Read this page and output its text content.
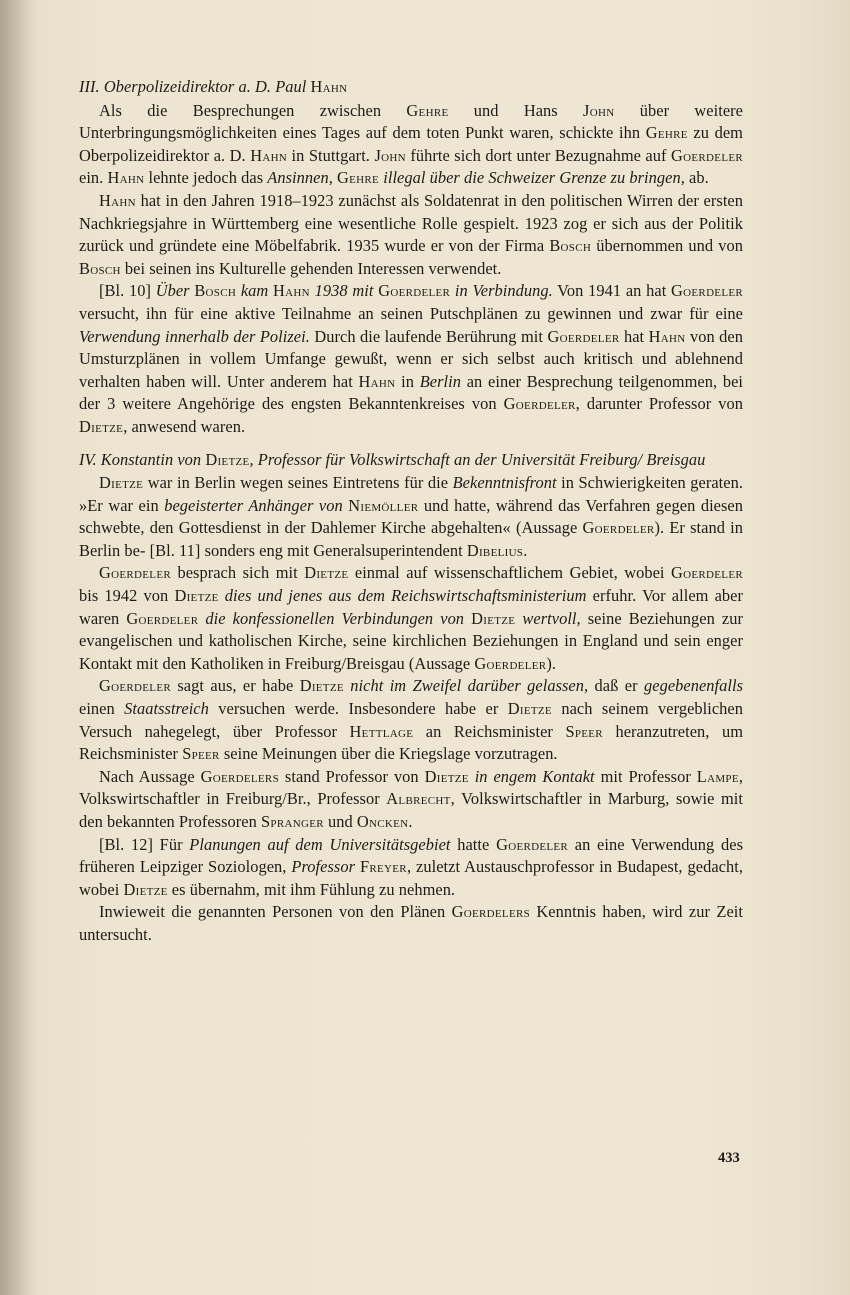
III. Oberpolizeidirektor a. D. Paul Hahn

Als die Besprechungen zwischen Gehre und Hans John über weitere Unterbringungsmöglichkeiten eines Tages auf dem toten Punkt waren, schickte ihn Gehre zu dem Oberpolizeidirektor a. D. Hahn in Stuttgart. John führte sich dort unter Bezugnahme auf Goerdeler ein. Hahn lehnte jedoch das Ansinnen, Gehre illegal über die Schweizer Grenze zu bringen, ab.

Hahn hat in den Jahren 1918–1923 zunächst als Soldatenrat in den politischen Wirren der ersten Nachkriegsjahre in Württemberg eine wesentliche Rolle gespielt. 1923 zog er sich aus der Politik zurück und gründete eine Möbelfabrik. 1935 wurde er von der Firma Bosch übernommen und von Bosch bei seinen ins Kulturelle gehenden Interessen verwendet.

[Bl. 10] Über Bosch kam Hahn 1938 mit Goerdeler in Verbindung. Von 1941 an hat Goerdeler versucht, ihn für eine aktive Teilnahme an seinen Putschplänen zu gewinnen und zwar für eine Verwendung innerhalb der Polizei. Durch die laufende Berührung mit Goerdeler hat Hahn von den Umsturzplänen in vollem Umfange gewußt, wenn er sich selbst auch kritisch und ablehnend verhalten haben will. Unter anderem hat Hahn in Berlin an einer Besprechung teilgenommen, bei der 3 weitere Angehörige des engsten Bekanntenkreises von Goerdeler, darunter Professor von Dietze, anwesend waren.

IV. Konstantin von Dietze, Professor für Volkswirtschaft an der Universität Freiburg/ Breisgau

Dietze war in Berlin wegen seines Eintretens für die Bekenntnisfront in Schwierigkeiten geraten. »Er war ein begeisterter Anhänger von Niemöller und hatte, während das Verfahren gegen diesen schwebte, den Gottesdienst in der Dahlemer Kirche abgehalten« (Aussage Goerdeler). Er stand in Berlin be- [Bl. 11] sonders eng mit Generalsuperintendent Dibelius.

Goerdeler besprach sich mit Dietze einmal auf wissenschaftlichem Gebiet, wobei Goerdeler bis 1942 von Dietze dies und jenes aus dem Reichswirtschaftsministerium erfuhr. Vor allem aber waren Goerdeler die konfessionellen Verbindungen von Dietze wertvoll, seine Beziehungen zur evangelischen und katholischen Kirche, seine kirchlichen Beziehungen in England und sein enger Kontakt mit den Katholiken in Freiburg/Breisgau (Aussage Goerdeler).

Goerdeler sagt aus, er habe Dietze nicht im Zweifel darüber gelassen, daß er gegebenenfalls einen Staatsstreich versuchen werde. Insbesondere habe er Dietze nach seinem vergeblichen Versuch nahegelegt, über Professor Hettlage an Reichsminister Speer heranzutreten, um Reichsminister Speer seine Meinungen über die Kriegslage vorzutragen.

Nach Aussage Goerdelers stand Professor von Dietze in engem Kontakt mit Professor Lampe, Volkswirtschaftler in Freiburg/Br., Professor Albrecht, Volkswirtschaftler in Marburg, sowie mit den bekannten Professoren Spranger und Oncken.

[Bl. 12] Für Planungen auf dem Universitätsgebiet hatte Goerdeler an eine Verwendung des früheren Leipziger Soziologen, Professor Freyer, zuletzt Austauschprofessor in Budapest, gedacht, wobei Dietze es übernahm, mit ihm Fühlung zu nehmen.

Inwieweit die genannten Personen von den Plänen Goerdelers Kenntnis haben, wird zur Zeit untersucht.

433
